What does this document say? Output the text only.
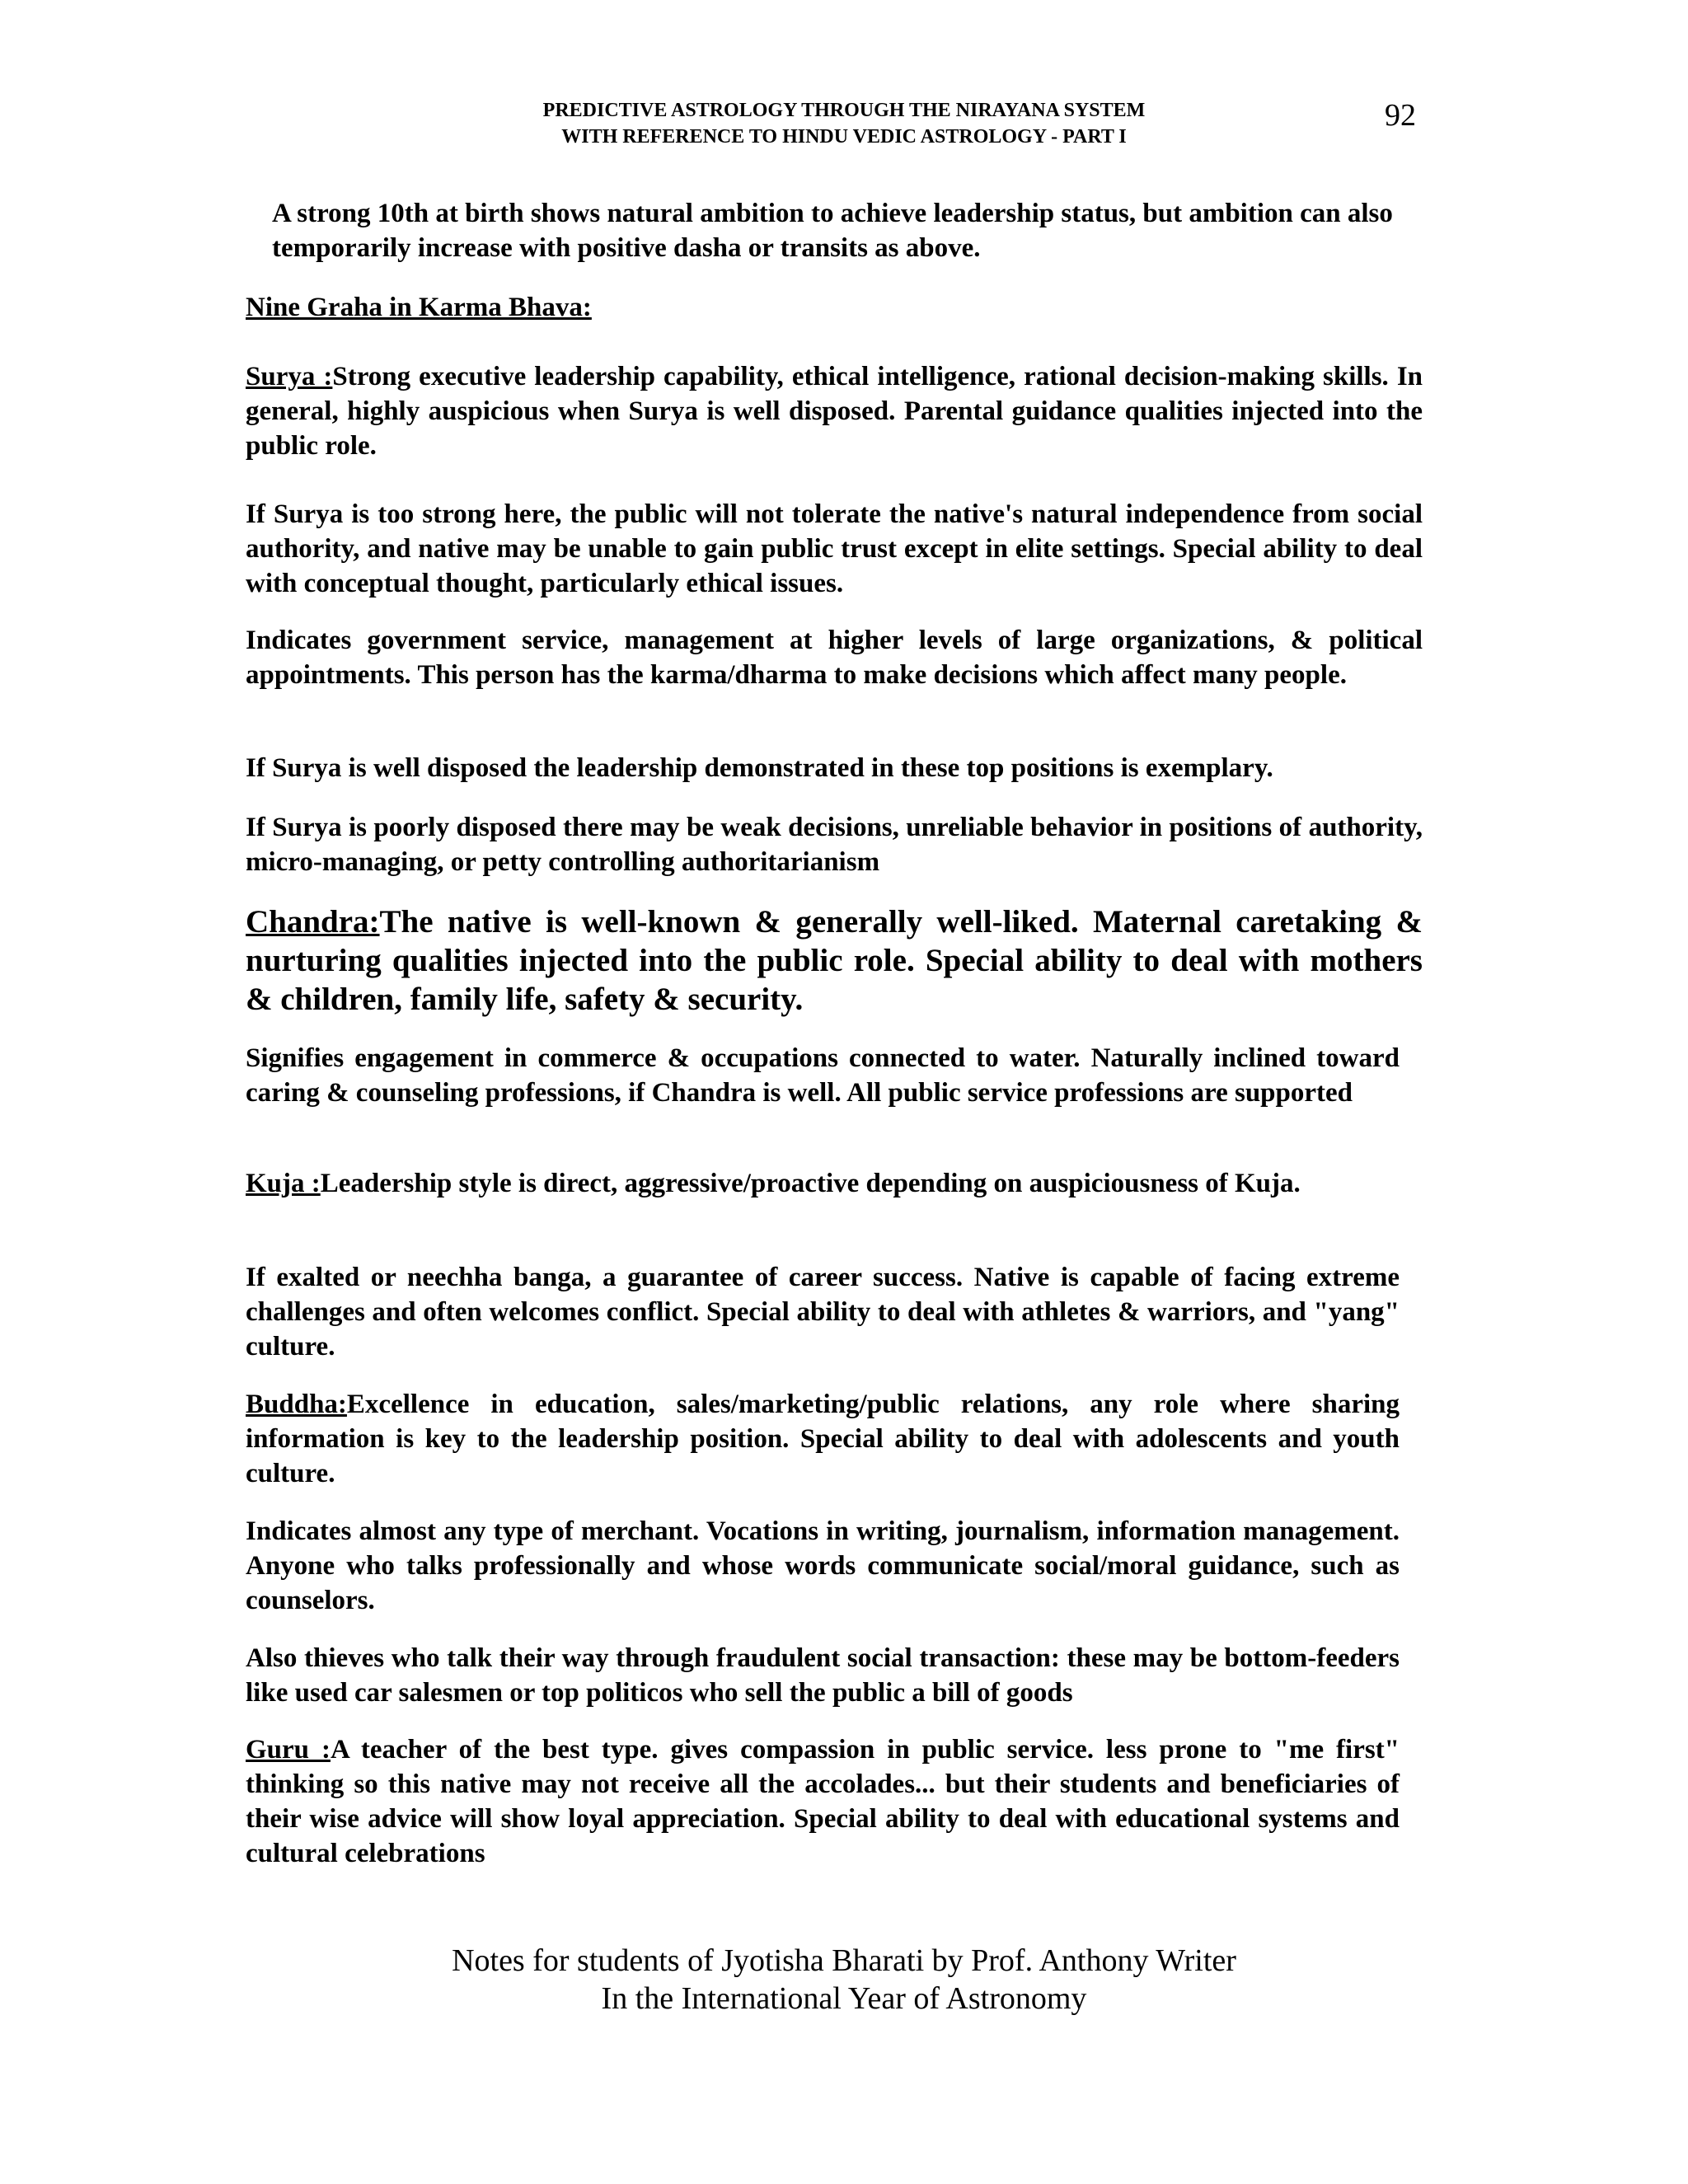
PREDICTIVE ASTROLOGY THROUGH THE NIRAYANA SYSTEM
WITH REFERENCE TO HINDU VEDIC ASTROLOGY - PART I
92
A strong 10th at birth shows natural ambition to achieve leadership status, but ambition can also temporarily increase with positive dasha or transits as above.
Nine Graha in Karma Bhava:
Surya :Strong executive leadership capability, ethical intelligence, rational decision-making skills. In general, highly auspicious when Surya is well disposed. Parental guidance qualities injected into the public role.
If Surya is too strong here, the public will not tolerate the native's natural independence from social authority, and native may be unable to gain public trust except in elite settings. Special ability to deal with conceptual thought, particularly ethical issues.
Indicates government service, management at higher levels of large organizations, & political appointments. This person has the karma/dharma to make decisions which affect many people.
If Surya is well disposed the leadership demonstrated in these top positions is exemplary.
If Surya is poorly disposed there may be weak decisions, unreliable behavior in positions of authority, micro-managing, or petty controlling authoritarianism
Chandra:The native is well-known & generally well-liked. Maternal caretaking & nurturing qualities injected into the public role. Special ability to deal with mothers & children, family life, safety & security.
Signifies engagement in commerce & occupations connected to water. Naturally inclined toward caring & counseling professions, if Chandra is well. All public service professions are supported
Kuja :Leadership style is direct, aggressive/proactive depending on auspiciousness of Kuja.
If exalted or neechha banga, a guarantee of career success. Native is capable of facing extreme challenges and often welcomes conflict. Special ability to deal with athletes & warriors, and "yang" culture.
Buddha:Excellence in education, sales/marketing/public relations, any role where sharing information is key to the leadership position. Special ability to deal with adolescents and youth culture.
Indicates almost any type of merchant. Vocations in writing, journalism, information management. Anyone who talks professionally and whose words communicate social/moral guidance, such as counselors.
Also thieves who talk their way through fraudulent social transaction: these may be bottom-feeders like used car salesmen or top politicos who sell the public a bill of goods
Guru :A teacher of the best type. gives compassion in public service. less prone to "me first" thinking so this native may not receive all the accolades... but their students and beneficiaries of their wise advice will show loyal appreciation. Special ability to deal with educational systems and cultural celebrations
Notes for students of Jyotisha Bharati by Prof. Anthony Writer
In the International Year of Astronomy
